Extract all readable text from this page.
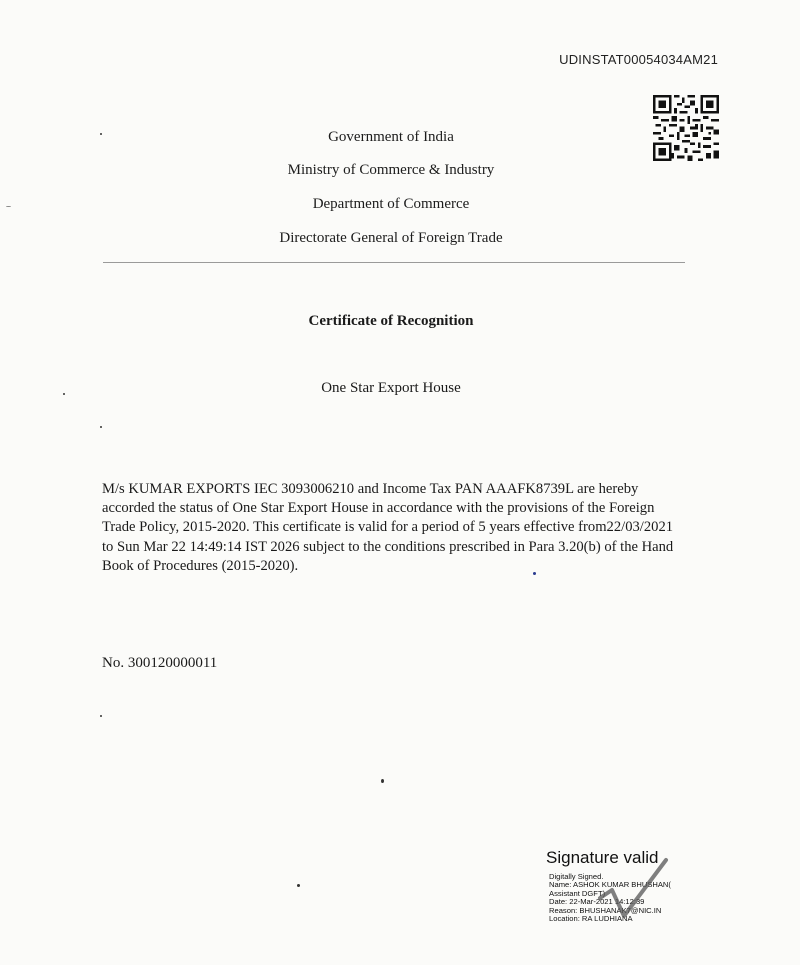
UDINSTAT00054034AM21
Government of India
Ministry of Commerce & Industry
Department of Commerce
Directorate General of Foreign Trade
Certificate of Recognition
One Star Export House
M/s KUMAR EXPORTS IEC 3093006210 and Income Tax PAN AAAFK8739L are hereby
accorded the status of One Star Export House in accordance with the provisions of the Foreign
Trade Policy, 2015-2020. This certificate is valid for a period of 5 years effective from22/03/2021
to Sun Mar 22 14:49:14 IST 2026 subject to the conditions prescribed in Para 3.20(b) of the Hand
Book of Procedures (2015-2020).
No. 300120000011
Signature valid
Digitally Signed.
Name: ASHOK KUMAR BHUSHAN(
Assistant DGFT)
Date: 22-Mar-2021 14:12:39
Reason: BHUSHANAK7@NIC.IN
Location: RA LUDHIANA
